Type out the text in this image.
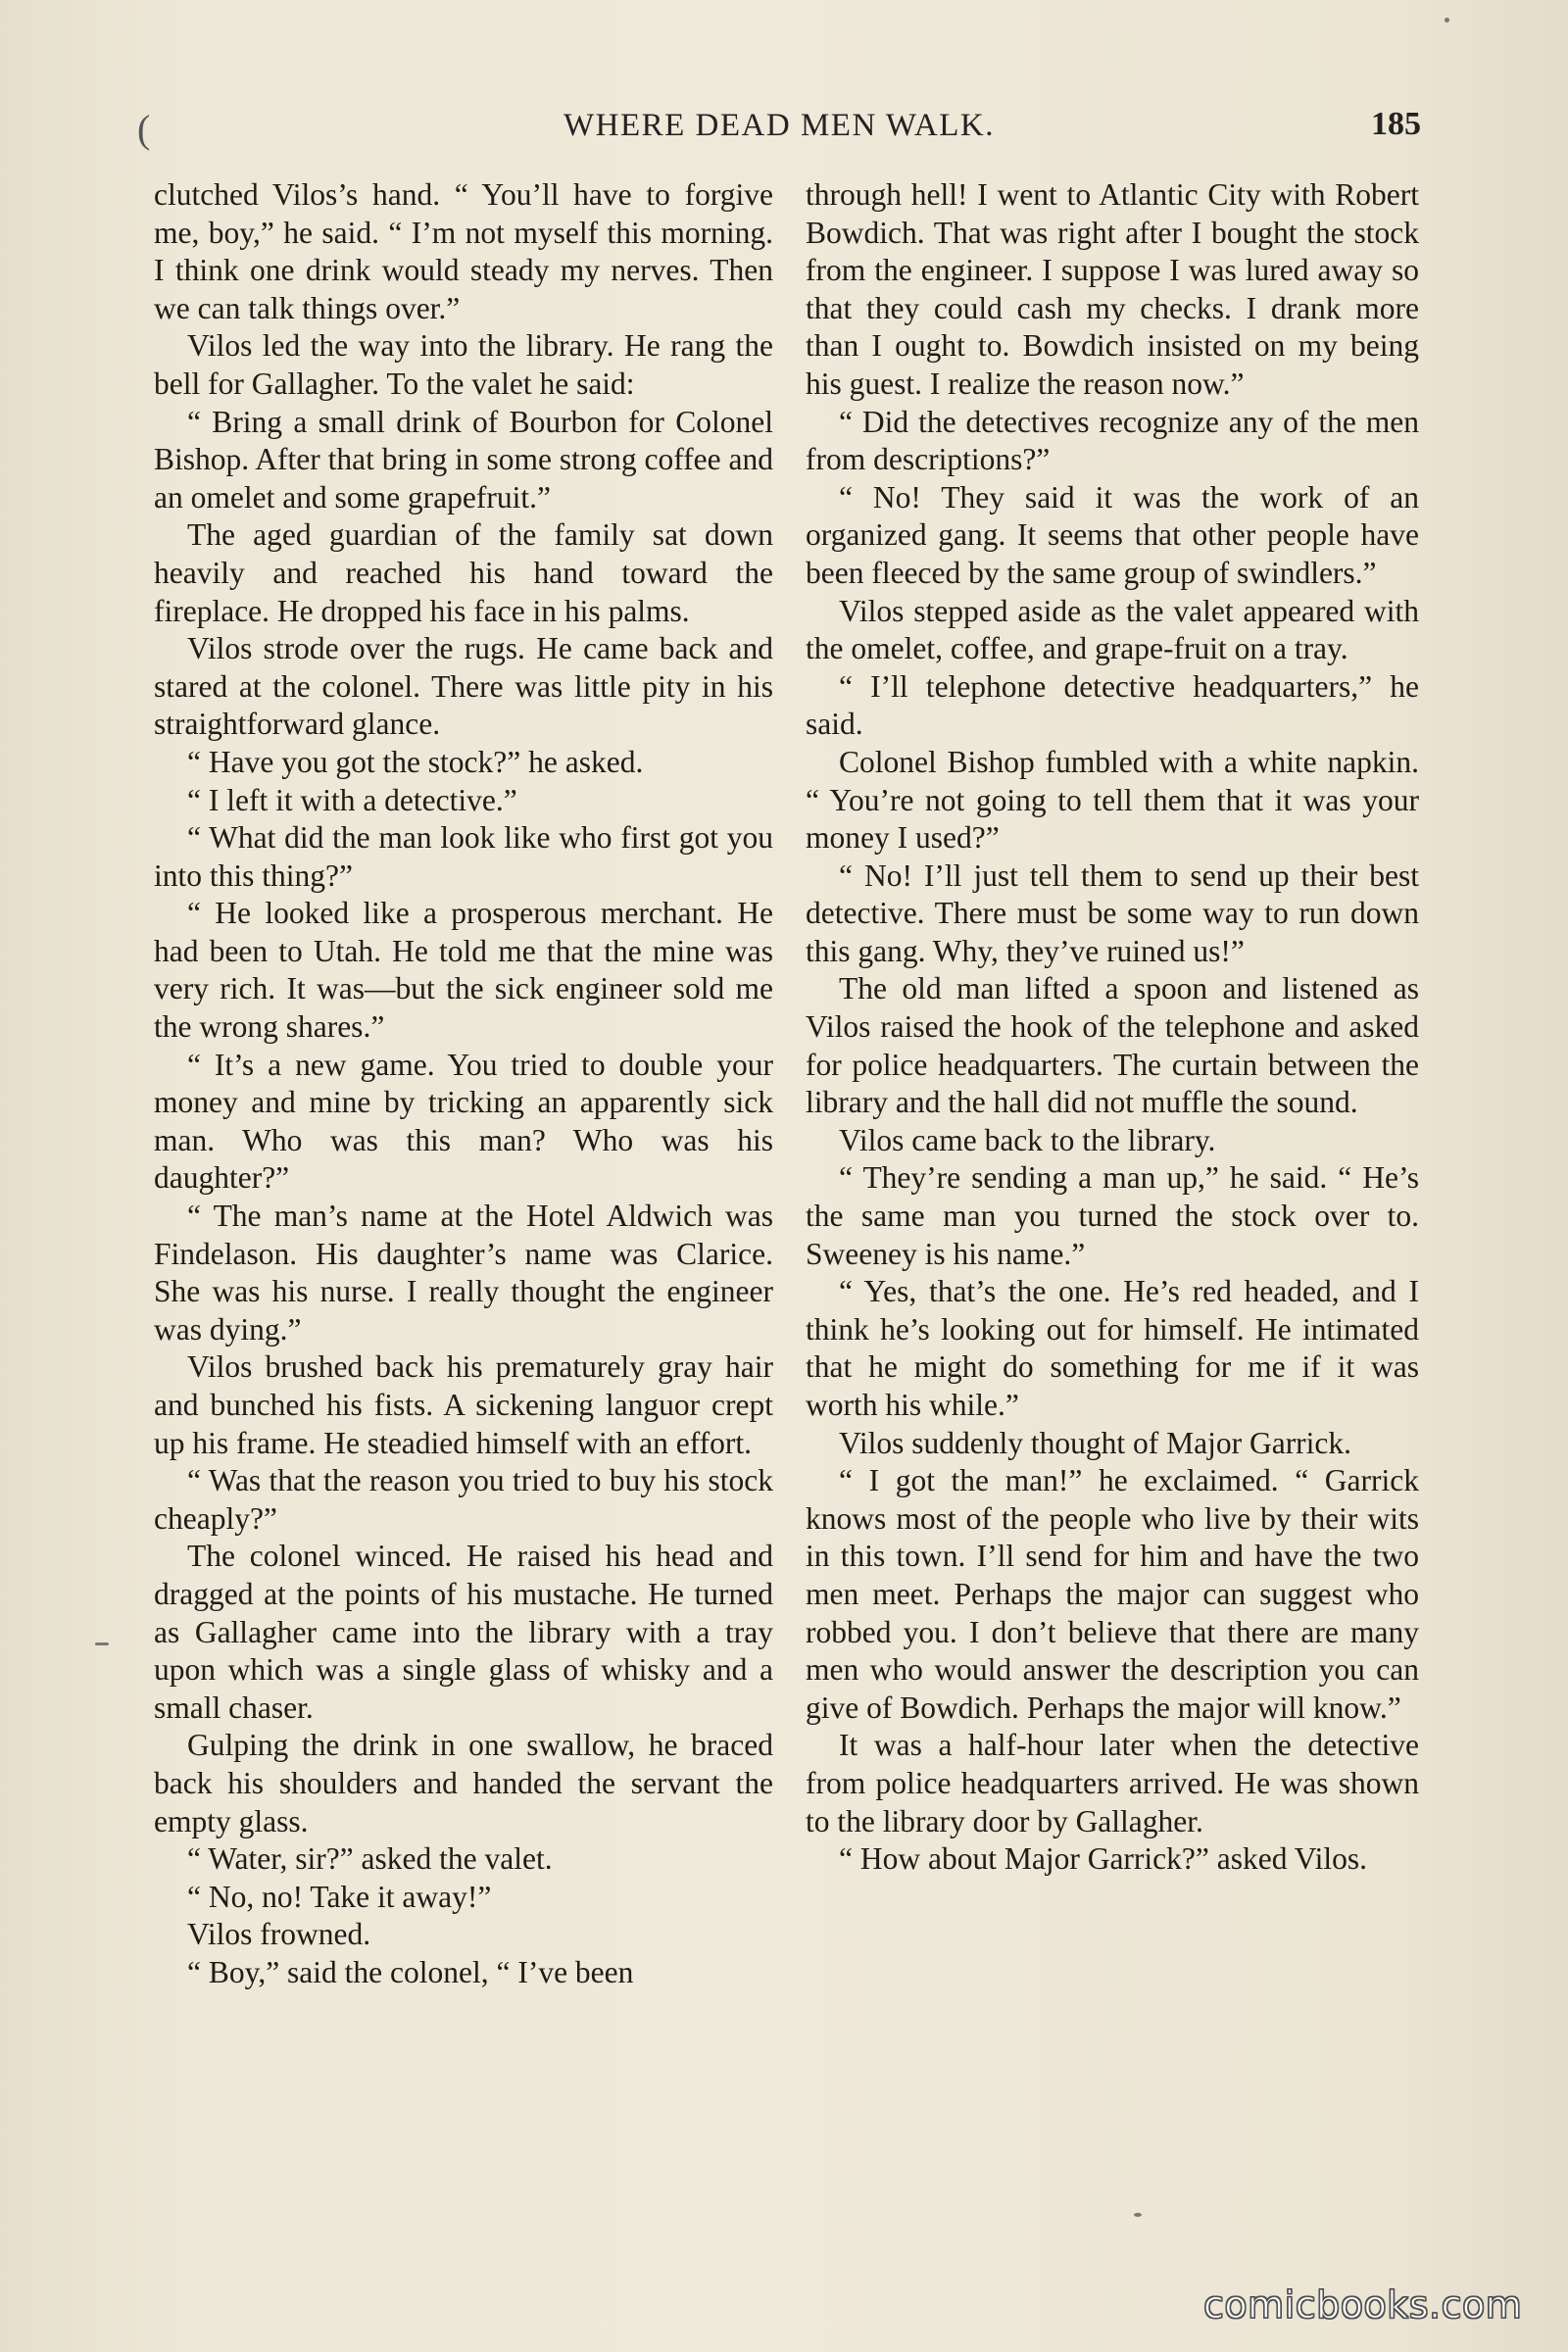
(	WHERE DEAD MEN WALK.	185

clutched Vilos’s hand. “ You’ll have to forgive me, boy,” he said. “ I’m not myself this morning. I think one drink would steady my nerves. Then we can talk things over.”

Vilos led the way into the library. He rang the bell for Gallagher. To the valet he said:

“ Bring a small drink of Bourbon for Colonel Bishop. After that bring in some strong coffee and an omelet and some grapefruit.”

The aged guardian of the family sat down heavily and reached his hand toward the fireplace. He dropped his face in his palms.

Vilos strode over the rugs. He came back and stared at the colonel. There was little pity in his straightforward glance.

“ Have you got the stock?” he asked.

“ I left it with a detective.”

“ What did the man look like who first got you into this thing?”

“ He looked like a prosperous merchant. He had been to Utah. He told me that the mine was very rich. It was—but the sick engineer sold me the wrong shares.”

“ It’s a new game. You tried to double your money and mine by tricking an apparently sick man. Who was this man? Who was his daughter?”

“ The man’s name at the Hotel Aldwich was Findelason. His daughter’s name was Clarice. She was his nurse. I really thought the engineer was dying.”

Vilos brushed back his prematurely gray hair and bunched his fists. A sickening languor crept up his frame. He steadied himself with an effort.

“ Was that the reason you tried to buy his stock cheaply?”

The colonel winced. He raised his head and dragged at the points of his mustache. He turned as Gallagher came into the library with a tray upon which was a single glass of whisky and a small chaser.

Gulping the drink in one swallow, he braced back his shoulders and handed the servant the empty glass.

“ Water, sir?” asked the valet.

“ No, no! Take it away!”

Vilos frowned.

“ Boy,” said the colonel, “ I’ve been

through hell! I went to Atlantic City with Robert Bowdich. That was right after I bought the stock from the engineer. I suppose I was lured away so that they could cash my checks. I drank more than I ought to. Bowdich insisted on my being his guest. I realize the reason now.”

“ Did the detectives recognize any of the men from descriptions?”

“ No! They said it was the work of an organized gang. It seems that other people have been fleeced by the same group of swindlers.”

Vilos stepped aside as the valet appeared with the omelet, coffee, and grape-fruit on a tray.

“ I’ll telephone detective headquarters,” he said.

Colonel Bishop fumbled with a white napkin. “ You’re not going to tell them that it was your money I used?”

“ No! I’ll just tell them to send up their best detective. There must be some way to run down this gang. Why, they’ve ruined us!”

The old man lifted a spoon and listened as Vilos raised the hook of the telephone and asked for police headquarters. The curtain between the library and the hall did not muffle the sound.

Vilos came back to the library.

“ They’re sending a man up,” he said. “ He’s the same man you turned the stock over to. Sweeney is his name.”

“ Yes, that’s the one. He’s red headed, and I think he’s looking out for himself. He intimated that he might do something for me if it was worth his while.”

Vilos suddenly thought of Major Garrick.

“ I got the man!” he exclaimed. “ Garrick knows most of the people who live by their wits in this town. I’ll send for him and have the two men meet. Perhaps the major can suggest who robbed you. I don’t believe that there are many men who would answer the description you can give of Bowdich. Perhaps the major will know.”

It was a half-hour later when the detective from police headquarters arrived. He was shown to the library door by Gallagher.

“ How about Major Garrick?” asked Vilos.

comicbooks.com
